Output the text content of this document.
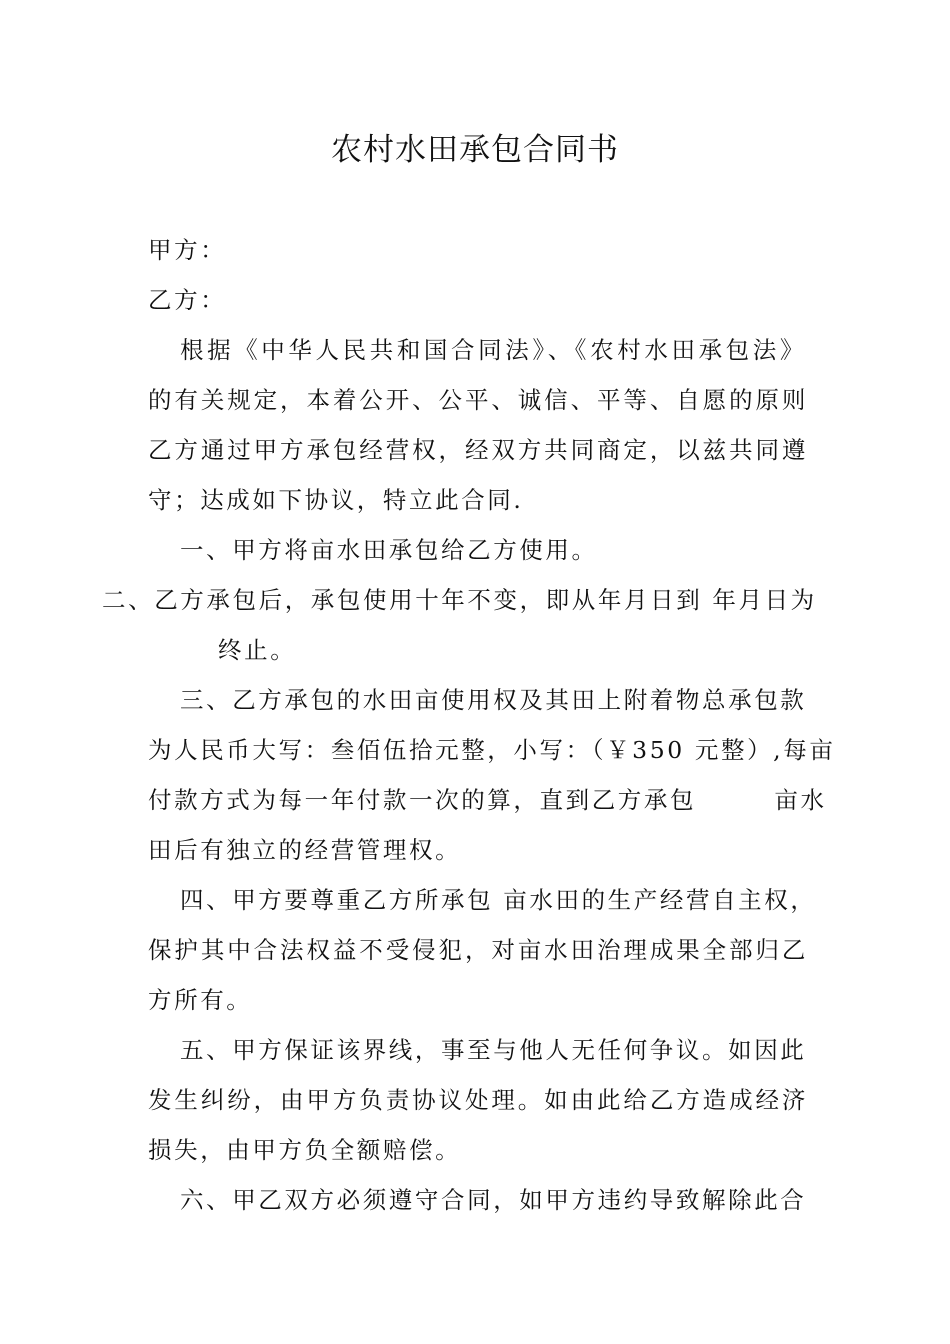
农村水田承包合同书
甲方：
乙方：
根据《中华人民共和国合同法》、《农村水田承包法》
的有关规定，本着公开、公平、诚信、平等、自愿的原则
乙方通过甲方承包经营权，经双方共同商定，以兹共同遵
守；达成如下协议，特立此合同.
一、甲方将亩水田承包给乙方使用。
二、乙方承包后，承包使用十年不变，即从年月日到 年月日为
终止。
三、乙方承包的水田亩使用权及其田上附着物总承包款
为人民币大写：叁佰伍拾元整，小写：（￥350 元整）,每亩
付款方式为每一年付款一次的算，直到乙方承包　　　亩水
田后有独立的经营管理权。
四、甲方要尊重乙方所承包 亩水田的生产经营自主权，
保护其中合法权益不受侵犯，对亩水田治理成果全部归乙
方所有。
五、甲方保证该界线，事至与他人无任何争议。如因此
发生纠纷，由甲方负责协议处理。如由此给乙方造成经济
损失，由甲方负全额赔偿。
六、甲乙双方必须遵守合同，如甲方违约导致解除此合
